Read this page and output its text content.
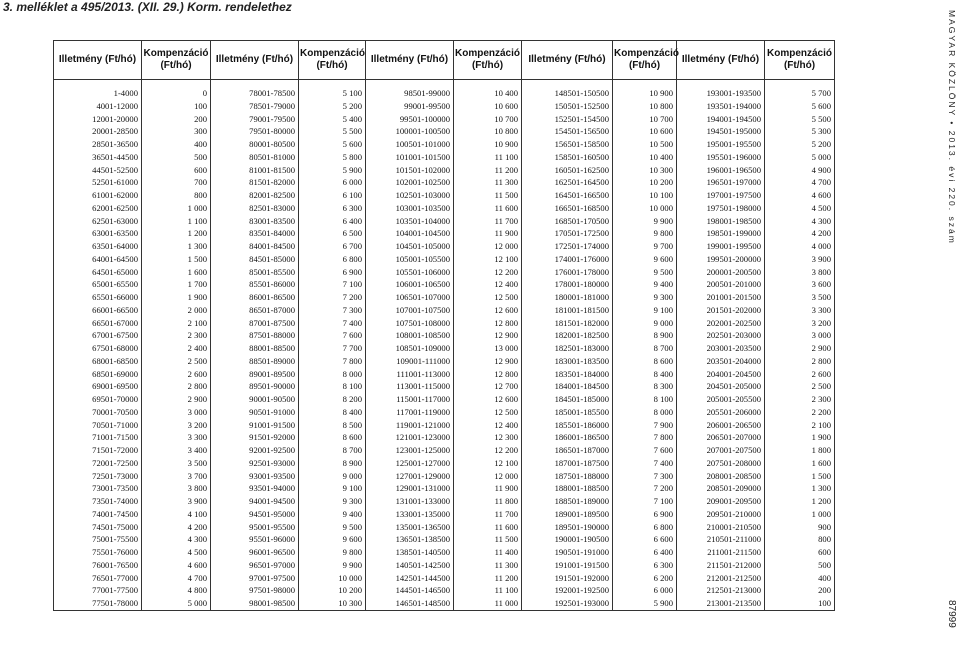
3. melléklet a 495/2013. (XII. 29.) Korm. rendelethez
Illetmény (Ft/hó)	Kompenzáció (Ft/hó)	Illetmény (Ft/hó)	Kompenzáció (Ft/hó)	Illetmény (Ft/hó)	Kompenzáció (Ft/hó)	Illetmény (Ft/hó)	Kompenzáció (Ft/hó)	Illetmény (Ft/hó)	Kompenzáció (Ft/hó)

1-4000	0	78001-78500	5 100	98501-99000	10 400	148501-150500	10 900	193001-193500	5 700
4001-12000	100	78501-79000	5 200	99001-99500	10 600	150501-152500	10 800	193501-194000	5 600
12001-20000	200	79001-79500	5 400	99501-100000	10 700	152501-154500	10 700	194001-194500	5 500
20001-28500	300	79501-80000	5 500	100001-100500	10 800	154501-156500	10 600	194501-195000	5 300
28501-36500	400	80001-80500	5 600	100501-101000	10 900	156501-158500	10 500	195001-195500	5 200
36501-44500	500	80501-81000	5 800	101001-101500	11 100	158501-160500	10 400	195501-196000	5 000
44501-52500	600	81001-81500	5 900	101501-102000	11 200	160501-162500	10 300	196001-196500	4 900
52501-61000	700	81501-82000	6 000	102001-102500	11 300	162501-164500	10 200	196501-197000	4 700
61001-62000	800	82001-82500	6 100	102501-103000	11 500	164501-166500	10 100	197001-197500	4 600
62001-62500	1 000	82501-83000	6 300	103001-103500	11 600	166501-168500	10 000	197501-198000	4 500
62501-63000	1 100	83001-83500	6 400	103501-104000	11 700	168501-170500	9 900	198001-198500	4 300
63001-63500	1 200	83501-84000	6 500	104001-104500	11 900	170501-172500	9 800	198501-199000	4 200
63501-64000	1 300	84001-84500	6 700	104501-105000	12 000	172501-174000	9 700	199001-199500	4 000
64001-64500	1 500	84501-85000	6 800	105001-105500	12 100	174001-176000	9 600	199501-200000	3 900
64501-65000	1 600	85001-85500	6 900	105501-106000	12 200	176001-178000	9 500	200001-200500	3 800
65001-65500	1 700	85501-86000	7 100	106001-106500	12 400	178001-180000	9 400	200501-201000	3 600
65501-66000	1 900	86001-86500	7 200	106501-107000	12 500	180001-181000	9 300	201001-201500	3 500
66001-66500	2 000	86501-87000	7 300	107001-107500	12 600	181001-181500	9 100	201501-202000	3 300
66501-67000	2 100	87001-87500	7 400	107501-108000	12 800	181501-182000	9 000	202001-202500	3 200
67001-67500	2 300	87501-88000	7 600	108001-108500	12 900	182001-182500	8 900	202501-203000	3 000
67501-68000	2 400	88001-88500	7 700	108501-109000	13 000	182501-183000	8 700	203001-203500	2 900
68001-68500	2 500	88501-89000	7 800	109001-111000	12 900	183001-183500	8 600	203501-204000	2 800
68501-69000	2 600	89001-89500	8 000	111001-113000	12 800	183501-184000	8 400	204001-204500	2 600
69001-69500	2 800	89501-90000	8 100	113001-115000	12 700	184001-184500	8 300	204501-205000	2 500
69501-70000	2 900	90001-90500	8 200	115001-117000	12 600	184501-185000	8 100	205001-205500	2 300
70001-70500	3 000	90501-91000	8 400	117001-119000	12 500	185001-185500	8 000	205501-206000	2 200
70501-71000	3 200	91001-91500	8 500	119001-121000	12 400	185501-186000	7 900	206001-206500	2 100
71001-71500	3 300	91501-92000	8 600	121001-123000	12 300	186001-186500	7 800	206501-207000	1 900
71501-72000	3 400	92001-92500	8 700	123001-125000	12 200	186501-187000	7 600	207001-207500	1 800
72001-72500	3 500	92501-93000	8 900	125001-127000	12 100	187001-187500	7 400	207501-208000	1 600
72501-73000	3 700	93001-93500	9 000	127001-129000	12 000	187501-188000	7 300	208001-208500	1 500
73001-73500	3 800	93501-94000	9 100	129001-131000	11 900	188001-188500	7 200	208501-209000	1 300
73501-74000	3 900	94001-94500	9 300	131001-133000	11 800	188501-189000	7 100	209001-209500	1 200
74001-74500	4 100	94501-95000	9 400	133001-135000	11 700	189001-189500	6 900	209501-210000	1 000
74501-75000	4 200	95001-95500	9 500	135001-136500	11 600	189501-190000	6 800	210001-210500	900
75001-75500	4 300	95501-96000	9 600	136501-138500	11 500	190001-190500	6 600	210501-211000	800
75501-76000	4 500	96001-96500	9 800	138501-140500	11 400	190501-191000	6 400	211001-211500	600
76001-76500	4 600	96501-97000	9 900	140501-142500	11 300	191001-191500	6 300	211501-212000	500
76501-77000	4 700	97001-97500	10 000	142501-144500	11 200	191501-192000	6 200	212001-212500	400
77001-77500	4 800	97501-98000	10 200	144501-146500	11 100	192001-192500	6 000	212501-213000	200
77501-78000	5 000	98001-98500	10 300	146501-148500	11 000	192501-193000	5 900	213001-213500	100
MAGYAR KÖZLÖNY • 2013. évi 220. szám
87999
